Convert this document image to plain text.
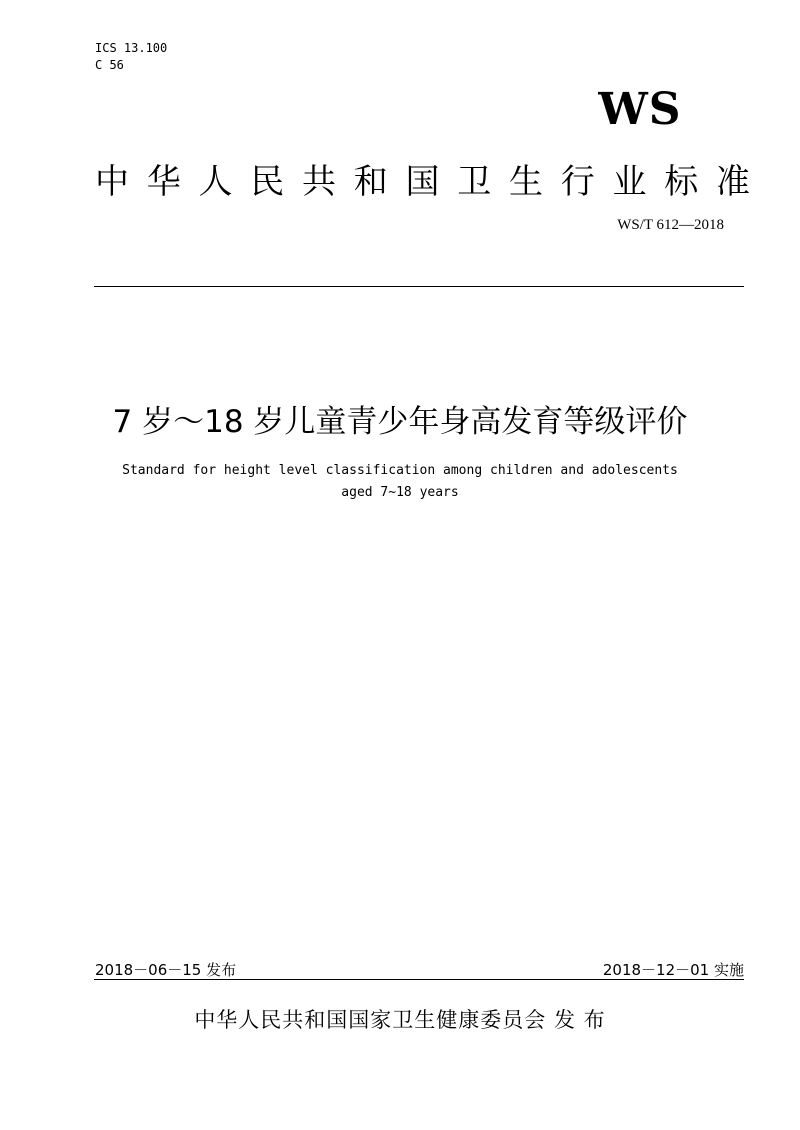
ICS 13.100
C 56
WS
中 华 人 民 共 和 国 卫 生 行 业 标 准
WS/T 612—2018
7 岁～18 岁儿童青少年身高发育等级评价
Standard for height level classification among children and adolescents
aged 7~18 years
2018－06－15 发布	2018－12－01 实施
中华人民共和国国家卫生健康委员会 发 布
